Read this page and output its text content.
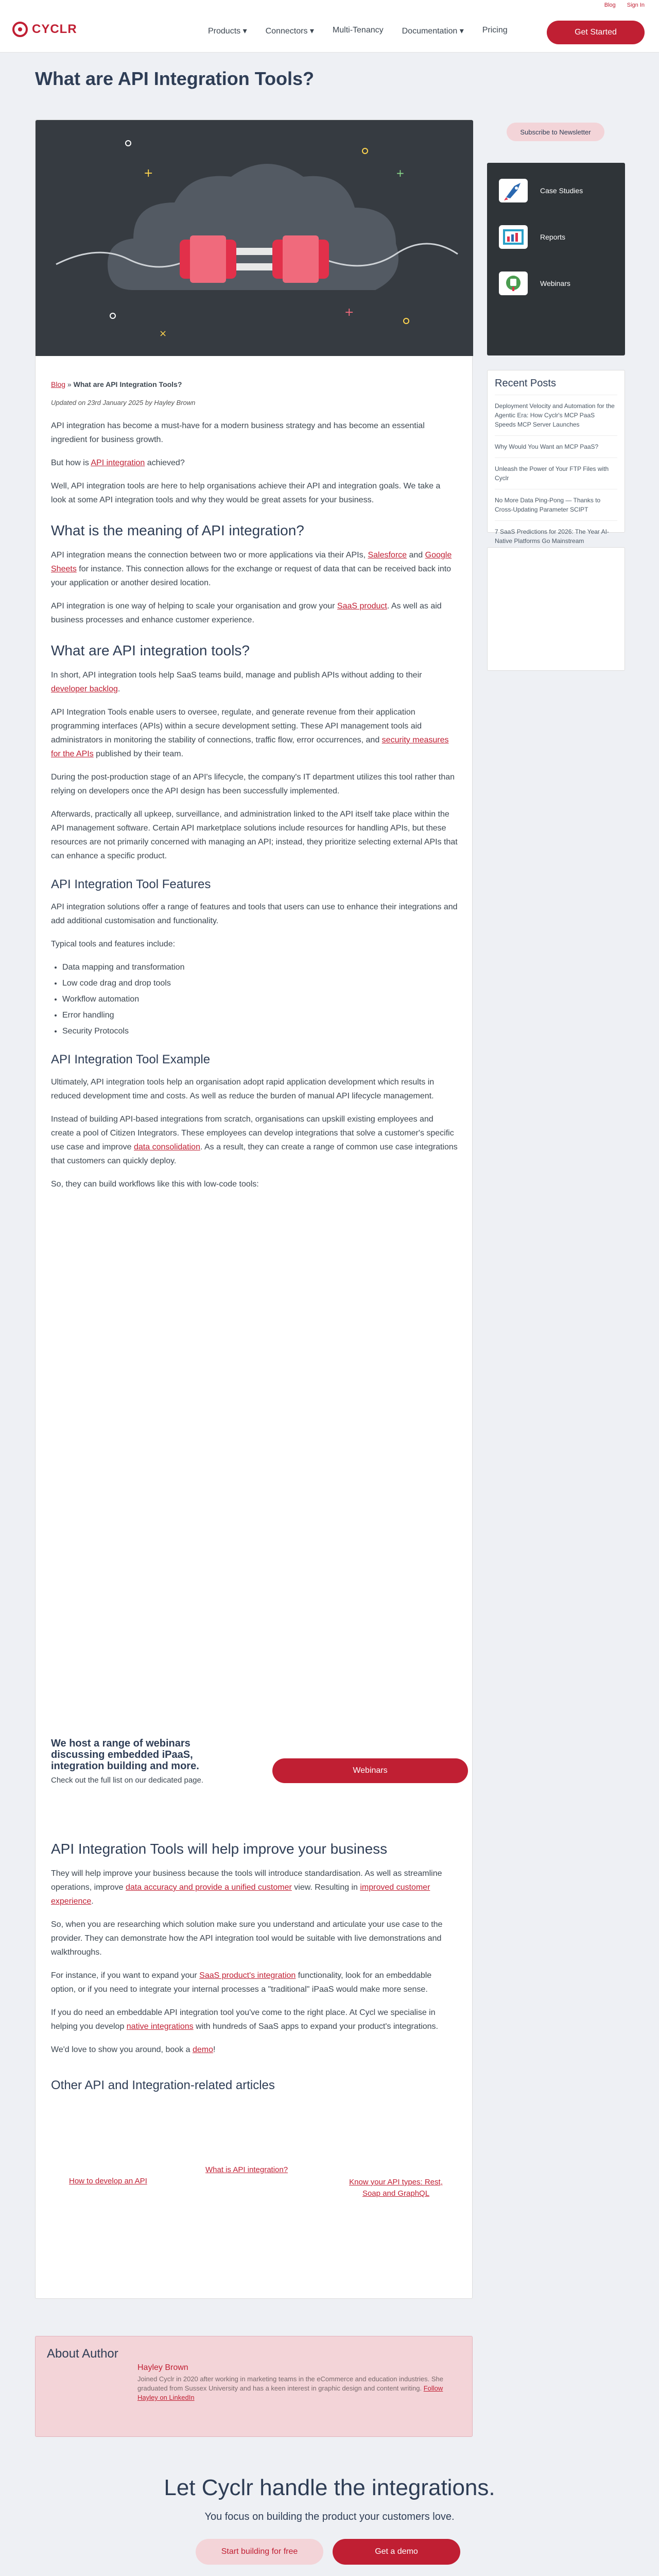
Blog Sign In
CYCLR	Products ▾ Connectors ▾ Multi-Tenancy Documentation ▾ Pricing	Get Started
What are API Integration Tools?
+
+
+
×
Blog » What are API Integration Tools?
Updated on 23rd January 2025 by Hayley Brown

API integration has become a must-have for a modern business strategy and has become an essential ingredient for business growth.

But how is API integration achieved?

Well, API integration tools are here to help organisations achieve their API and integration goals. We take a look at some API integration tools and why they would be great assets for your business.

What is the meaning of API integration?

API integration means the connection between two or more applications via their APIs, Salesforce and Google Sheets for instance. This connection allows for the exchange or request of data that can be received back into your application or another desired location.

API integration is one way of helping to scale your organisation and grow your SaaS product. As well as aid business processes and enhance customer experience.

What are API integration tools?

In short, API integration tools help SaaS teams build, manage and publish APIs without adding to their developer backlog.

API Integration Tools enable users to oversee, regulate, and generate revenue from their application programming interfaces (APIs) within a secure development setting. These API management tools aid administrators in monitoring the stability of connections, traffic flow, error occurrences, and security measures for the APIs published by their team.

During the post-production stage of an API's lifecycle, the company's IT department utilizes this tool rather than relying on developers once the API design has been successfully implemented.

Afterwards, practically all upkeep, surveillance, and administration linked to the API itself take place within the API management software. Certain API marketplace solutions include resources for handling APIs, but these resources are not primarily concerned with managing an API; instead, they prioritize selecting external APIs that can enhance a specific product.

API Integration Tool Features

API integration solutions offer a range of features and tools that users can use to enhance their integrations and add additional customisation and functionality.

Typical tools and features include:

• Data mapping and transformation
• Low code drag and drop tools
• Workflow automation
• Error handling
• Security Protocols
API Integration Tool Example

Ultimately, API integration tools help an organisation adopt rapid application development which results in reduced development time and costs. As well as reduce the burden of manual API lifecycle management.

Instead of building API-based integrations from scratch, organisations can upskill existing employees and create a pool of Citizen Integrators. These employees can develop integrations that solve a customer's specific use case and improve data consolidation. As a result, they can create a range of common use case integrations that customers can quickly deploy.

So, they can build workflows like this with low-code tools:

We host a range of webinars discussing embedded iPaaS, integration building and more.

Check out the full list on our dedicated page.

Webinars
API Integration Tools will help improve your business

They will help improve your business because the tools will introduce standardisation. As well as streamline operations, improve data accuracy and provide a unified customer view. Resulting in improved customer experience.

So, when you are researching which solution make sure you understand and articulate your use case to the provider. They can demonstrate how the API integration tool would be suitable with live demonstrations and walkthroughs.

For instance, if you want to expand your SaaS product's integration functionality, look for an embeddable option, or if you need to integrate your internal processes a "traditional" iPaaS would make more sense.

If you do need an embeddable API integration tool you've come to the right place. At Cycl we specialise in helping you develop native integrations with hundreds of SaaS apps to expand your product's integrations.

We'd love to show you around, book a demo!

Other API and Integration-related articles
How to develop an API
What is API integration?
Know your API types: Rest, Soap and GraphQL
Subscribe to Newsletter
Case Studies
Reports
Webinars
Recent Posts
Deployment Velocity and Automation for the Agentic Era: How Cyclr's MCP PaaS Speeds MCP Server Launches
Why Would You Want an MCP PaaS?
Unleash the Power of Your FTP Files with Cyclr
No More Data Ping-Pong — Thanks to Cross-Updating Parameter SCIPT
7 SaaS Predictions for 2026: The Year AI-Native Platforms Go Mainstream
About Author
Hayley Brown
Joined Cyclr in 2020 after working in marketing teams in the eCommerce and education industries. She graduated from Sussex University and has a keen interest in graphic design and content writing. Follow Hayley on LinkedIn
Let Cyclr handle the integrations.

You focus on building the product your customers love.

Start building for free	Get a demo
